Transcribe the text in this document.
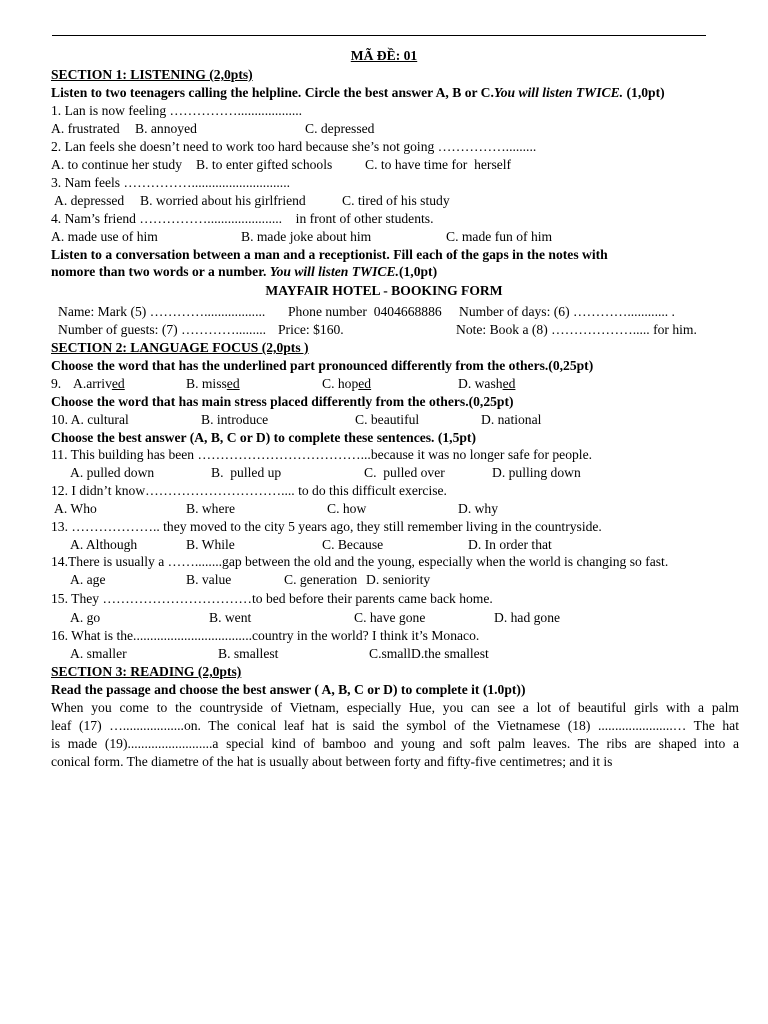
MÃ ĐỀ: 01
SECTION 1: LISTENING (2,0pts)
Listen to two teenagers calling the helpline. Circle the best answer A, B or C.You will listen TWICE. (1,0pt)
1. Lan is now feeling ……………...................
A. frustrated B. annoyed	C. depressed
2. Lan feels she doesn’t need to work too hard because she’s not going …………….........
A. to continue her study B. to enter gifted schools C. to have time for  herself
3. Nam feels …………….............................
A. depressed B. worried about his girlfriend	C. tired of his study
4. Nam’s friend ……………......................    in front of other students.
A. made use of him	B. made joke about him	C. made fun of him
Listen to a conversation between a man and a receptionist. Fill each of the gaps in the notes with
nomore than two words or a number. You will listen TWICE.(1,0pt)
MAYFAIR HOTEL - BOOKING FORM
Name: Mark (5) ………….................. Phone number  0404668886 Number of days: (6) …………............ .
Number of guests: (7) …………......... Price: $160.	Note: Book a (8) ………………..... for him.
SECTION 2: LANGUAGE FOCUS (2,0pts )
Choose the word that has the underlined part pronounced differently from the others.(0,25pt)
9. A.arrived	B. missed	C. hoped	D. washed
Choose the word that has main stress placed differently from the others.(0,25pt)
10. A. cultural	B. introduce	C. beautiful	D. national
Choose the best answer (A, B, C or D) to complete these sentences. (1,5pt)
11. This building has been ………………………………...because it was no longer safe for people.
A. pulled down	B.  pulled up	C.  pulled over	D. pulling down
12. I didn’t know………………………….... to do this difficult exercise.
A. Who	B. where	C. how	D. why
13. ……………….. they moved to the city 5 years ago, they still remember living in the countryside.
A. Although	B. While	C. Because	D. In order that
14.There is usually a ……........gap between the old and the young, especially when the world is changing so fast.
A. age	B. value	C. generation D. seniority
15. They ……………………………to bed before their parents came back home.
A. go	B. went	C. have gone	D. had gone
16. What is the...................................country in the world? I think it’s Monaco.
A. smaller	B. smallest	C.small D.the smallest
SECTION 3: READING (2,0pts)
Read the passage and choose the best answer ( A, B, C or D) to complete it (1.0pt))
When you come to the countryside of Vietnam, especially Hue, you can see a lot of beautiful girls with a palm
leaf (17) …..................on. The conical leaf hat is said the symbol of the Vietnamese (18) ......................… The hat
is made (19).........................a special kind of bamboo and young and soft palm leaves. The ribs are shaped into a
conical form. The diametre of the hat is usually about between forty and fifty-five centimetres; and it is
